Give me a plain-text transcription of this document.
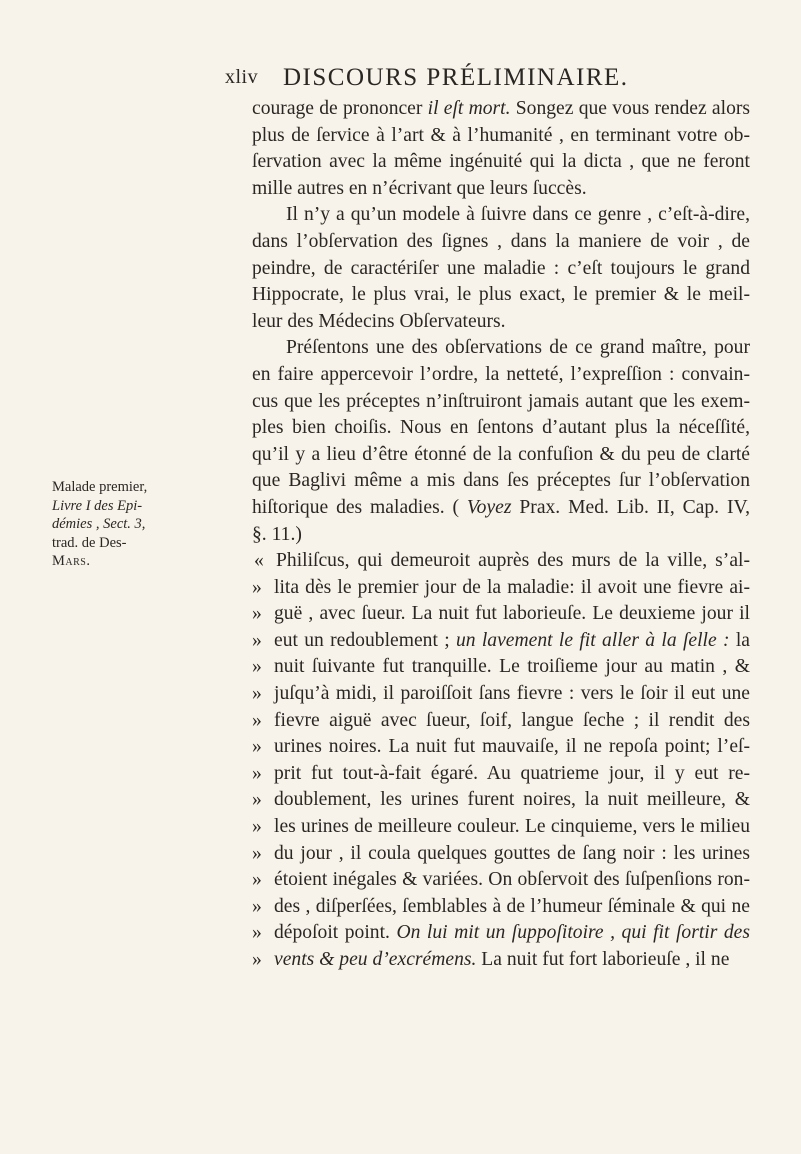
xliv DISCOURS PRÉLIMINAIRE.
courage de prononcer il eſt mort. Songez que vous rendez alors
plus de ſervice à l’art & à l’humanité , en terminant votre ob-
ſervation avec la même ingénuité qui la dicta , que ne feront
mille autres en n’écrivant que leurs ſuccès.
Il n’y a qu’un modele à ſuivre dans ce genre , c’eſt-à-dire,
dans l’obſervation des ſignes , dans la maniere de voir , de
peindre, de caractériſer une maladie : c’eſt toujours le grand
Hippocrate, le plus vrai, le plus exact, le premier & le meil-
leur des Médecins Obſervateurs.
Préſentons une des obſervations de ce grand maître, pour
en faire appercevoir l’ordre, la netteté, l’expreſſion : convain-
cus que les préceptes n’inſtruiront jamais autant que les exem-
ples bien choiſis. Nous en ſentons d’autant plus la néceſſité,
qu’il y a lieu d’être étonné de la confuſion & du peu de clarté
que Baglivi même a mis dans ſes préceptes ſur l’obſervation
hiſtorique des maladies. ( Voyez Prax. Med. Lib. II, Cap. IV,
§. 11.)
« Philiſcus, qui demeuroit auprès des murs de la ville, s’al-
» lita dès le premier jour de la maladie: il avoit une fievre ai-
» guë , avec ſueur. La nuit fut laborieuſe. Le deuxieme jour il
» eut un redoublement ; un lavement le fit aller à la ſelle : la
» nuit ſuivante fut tranquille. Le troiſieme jour au matin , &
» juſqu’à midi, il paroiſſoit ſans fievre : vers le ſoir il eut une
» fievre aiguë avec ſueur, ſoif, langue ſeche ; il rendit des
» urines noires. La nuit fut mauvaiſe, il ne repoſa point; l’eſ-
» prit fut tout-à-fait égaré. Au quatrieme jour, il y eut re-
» doublement, les urines furent noires, la nuit meilleure, &
» les urines de meilleure couleur. Le cinquieme, vers le milieu
» du jour , il coula quelques gouttes de ſang noir : les urines
» étoient inégales & variées. On obſervoit des ſuſpenſions ron-
» des , diſperſées, ſemblables à de l’humeur ſéminale & qui ne
» dépoſoit point. On lui mit un ſuppoſitoire , qui fit ſortir des
» vents & peu d’excrémens. La nuit fut fort laborieuſe , il ne
Malade premier,
Livre I des Epi-
démies , Sect. 3,
trad. de Des-
Mars.
